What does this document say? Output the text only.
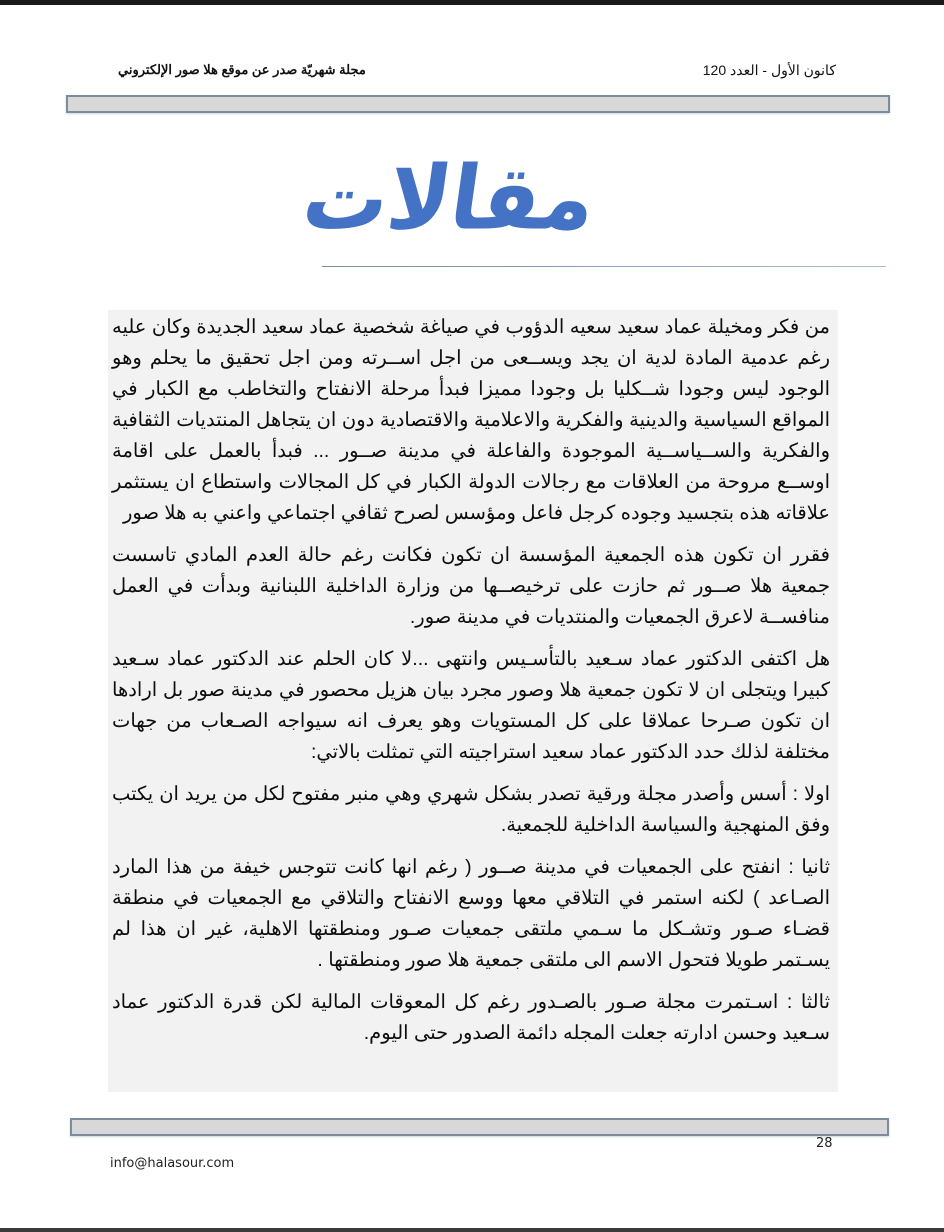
كانون الأول - العدد 120
مجلة شهريّة صدر عن موقع هلا صور الإلكتروني
مقالات

من فكر ومخيلة عماد سعيد سعيه الدؤوب في صياغة شخصية عماد سعيد الجديدة وكان عليه رغم عدمية المادة لدية ان يجد ويســعى من اجل اســرته ومن اجل تحقيق ما يحلم وهو الوجود ليس وجودا شــكليا بل وجودا مميزا فبدأ مرحلة الانفتاح والتخاطب مع الكبار في المواقع السياسية والدينية والفكرية والاعلامية والاقتصادية دون ان يتجاهل المنتديات الثقافية والفكرية والســياســية الموجودة والفاعلة في مدينة صــور ... فبدأ بالعمل على اقامة اوســع مروحة من العلاقات مع رجالات الدولة الكبار في كل المجالات واستطاع ان يستثمر علاقاته هذه بتجسيد وجوده كرجل فاعل ومؤسس لصرح ثقافي اجتماعي واعني به هلا صور

فقرر ان تكون هذه الجمعية المؤسسة ان تكون فكانت رغم حالة العدم المادي تاسست جمعية هلا صــور ثم حازت على ترخيصــها من وزارة الداخلية اللبنانية وبدأت في العمل منافســة لاعرق الجمعيات والمنتديات في مدينة صور.

هل اكتفى الدكتور عماد سـعيد بالتأسـيس وانتهى ...لا كان الحلم عند الدكتور عماد سـعيد كبيرا ويتجلى ان لا تكون جمعية هلا وصور مجرد بيان هزيل محصور في مدينة صور بل ارادها ان تكون صـرحا عملاقا على كل المستويات وهو يعرف انه سيواجه الصـعاب من جهات مختلفة لذلك حدد الدكتور عماد سعيد استراجيته التي تمثلت بالاتي:

اولا : أسس وأصدر مجلة ورقية تصدر بشكل شهري وهي منبر مفتوح لكل من يريد ان يكتب وفق المنهجية والسياسة الداخلية للجمعية.

ثانيا : انفتح على الجمعيات في مدينة صــور ( رغم انها كانت تتوجس خيفة من هذا المارد الصـاعد ) لكنه استمر في التلاقي معها ووسع الانفتاح والتلاقي مع الجمعيات في منطقة قضـاء صـور وتشـكل ما سـمي ملتقى جمعيات صـور ومنطقتها الاهلية، غير ان هذا لم يسـتمر طويلا فتحول الاسم الى ملتقى جمعية هلا صور ومنطقتها .

ثالثا : اسـتمرت مجلة صـور بالصـدور رغم كل المعوقات المالية لكن قدرة الدكتور عماد سـعيد وحسن ادارته جعلت المجله دائمة الصدور حتى اليوم.

28
info@halasour.com
